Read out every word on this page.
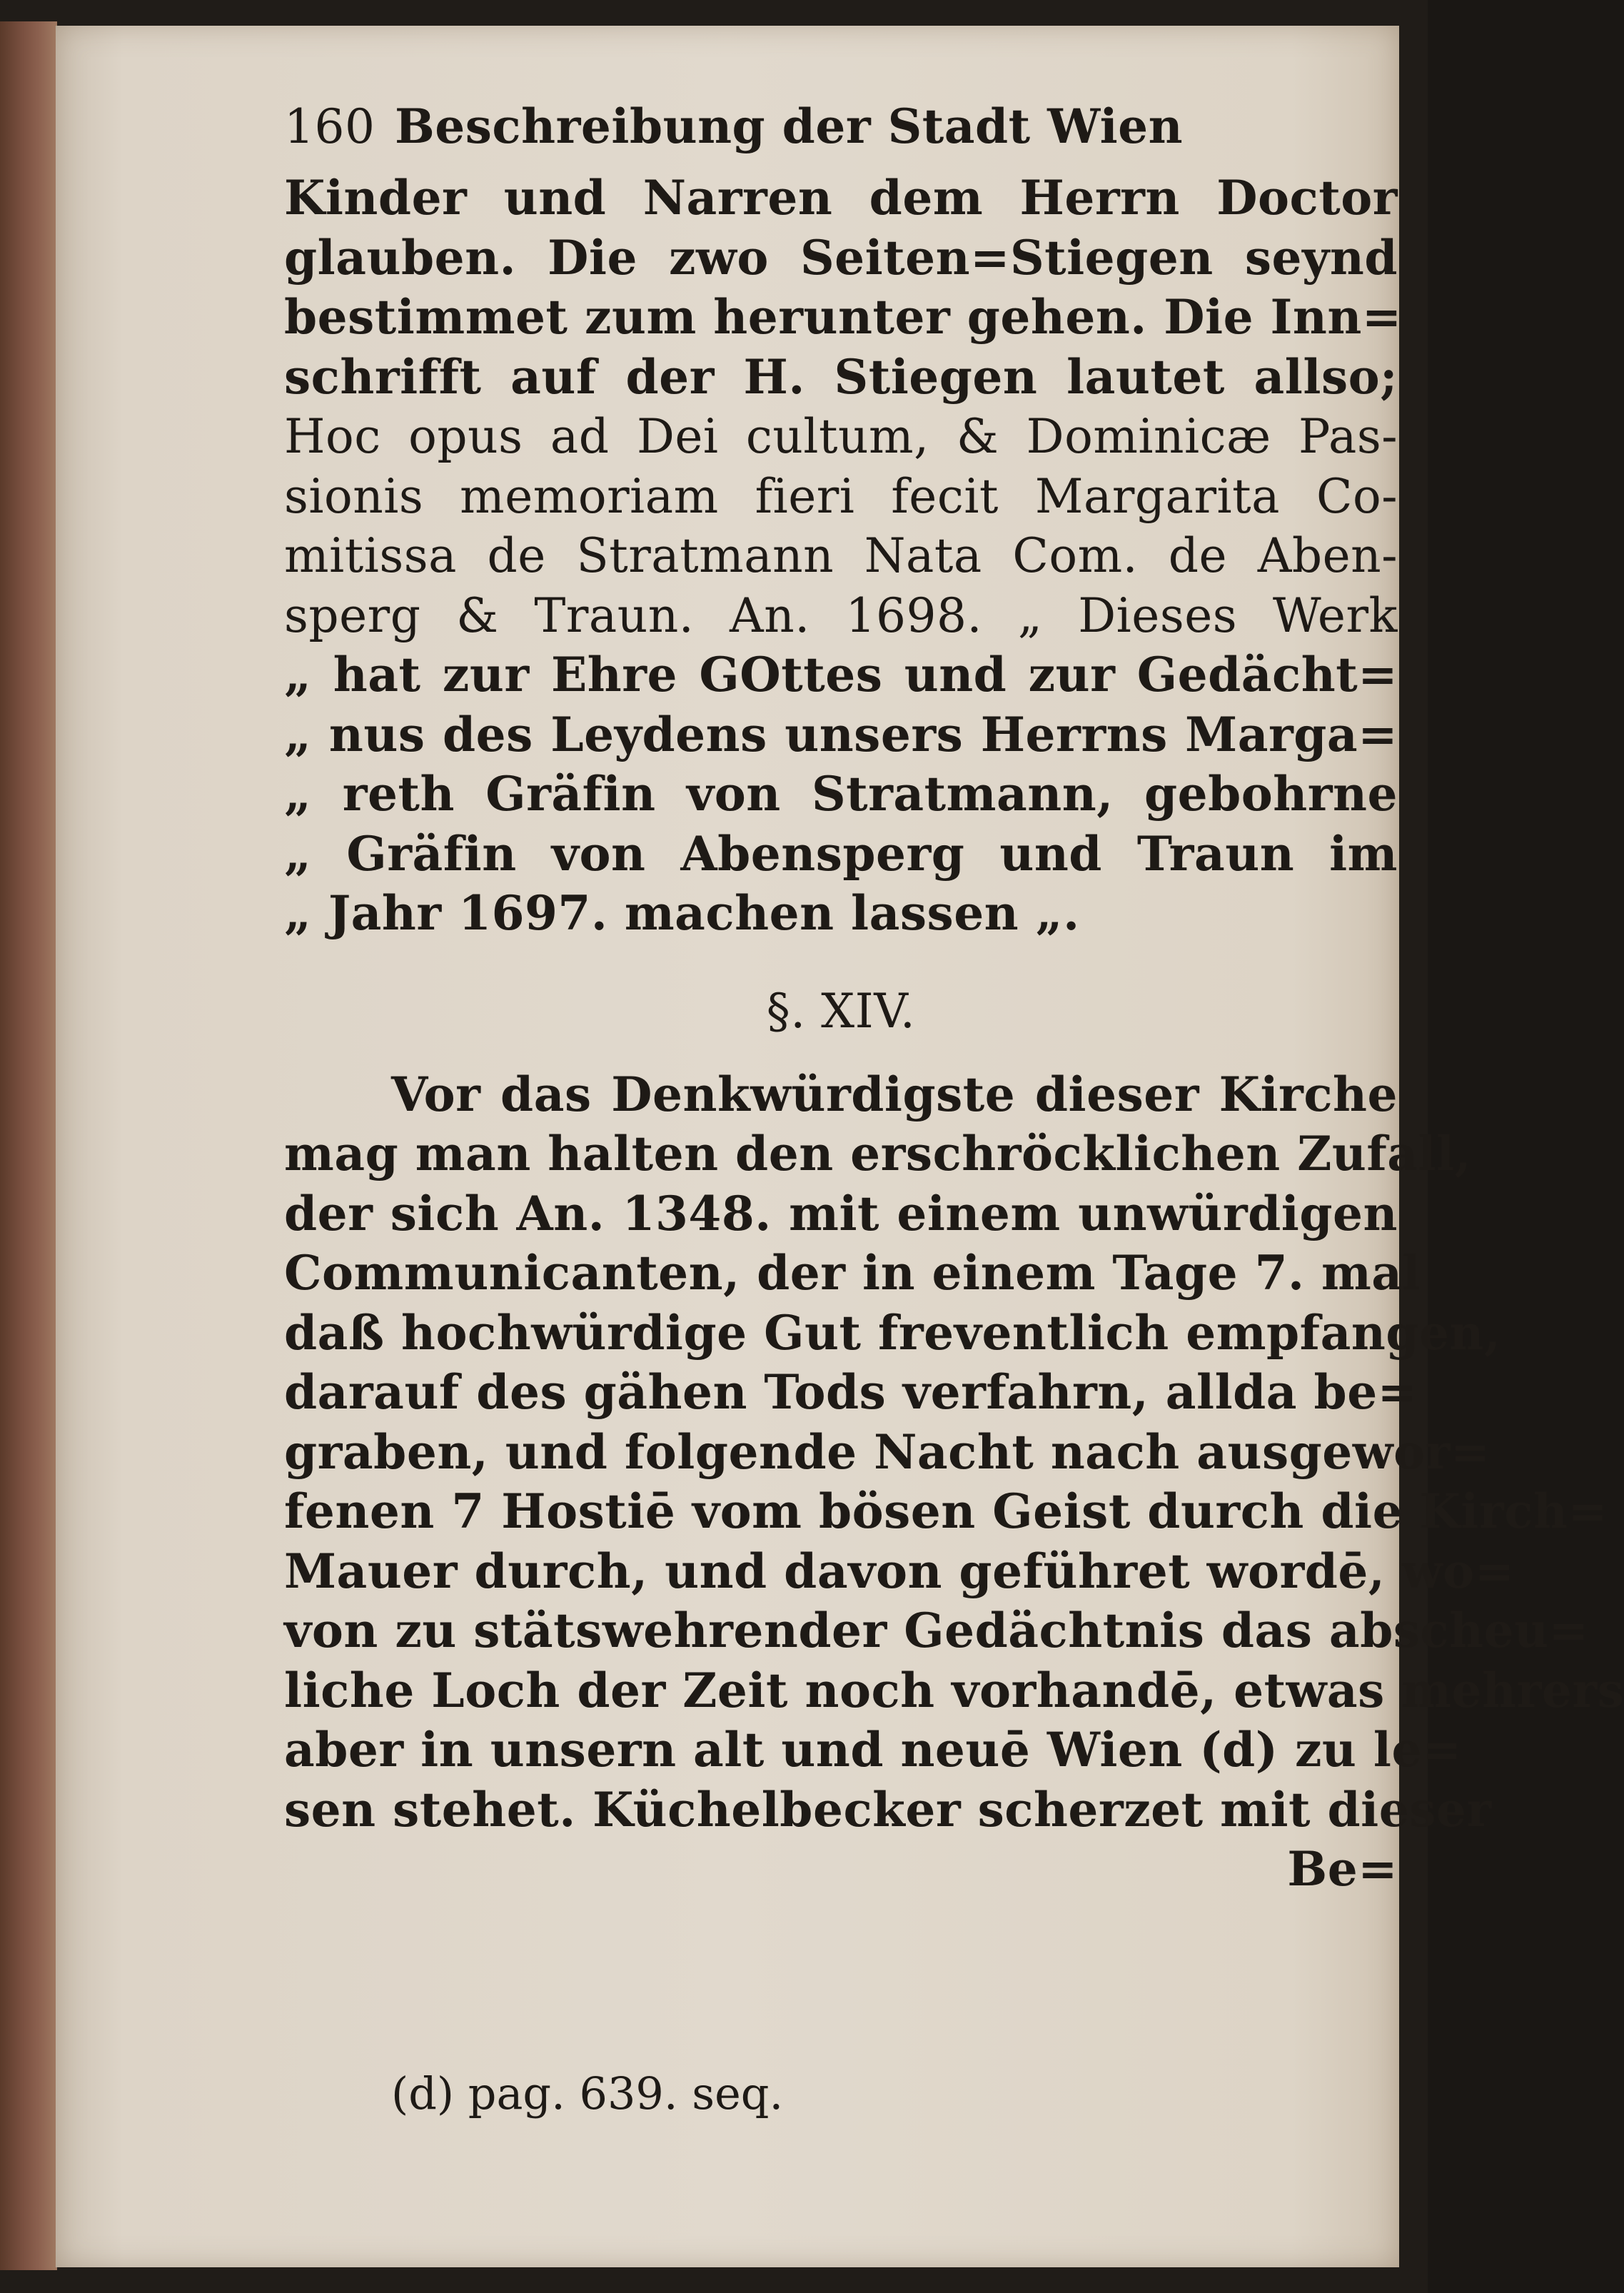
160 Beschreibung der Stadt Wien
Kinder und Narren dem Herrn Doctor
glauben. Die zwo Seiten=Stiegen seynd
bestimmet zum herunter gehen. Die Inn=
schrifft auf der H. Stiegen lautet allso;
Hoc opus ad Dei cultum, & Dominicæ Pas-
sionis memoriam fieri fecit Margarita Co-
mitissa de Stratmann Nata Com. de Aben-
sperg & Traun. An. 1698. „ Dieses Werk
„ hat zur Ehre GOttes und zur Gedächt=
„ nus des Leydens unsers Herrns Marga=
„ reth Gräfin von Stratmann, gebohrne
„ Gräfin von Abensperg und Traun im
„ Jahr 1697. machen lassen „.
§. XIV.
Vor das Denkwürdigste dieser Kirche
mag man halten den erschröcklichen Zufall,
der sich An. 1348. mit einem unwürdigen
Communicanten, der in einem Tage 7. mal
daß hochwürdige Gut freventlich empfangen,
darauf des gähen Tods verfahrn, allda be=
graben, und folgende Nacht nach ausgewor=
fenen 7 Hostiē vom bösen Geist durch die Kirch=
Mauer durch, und davon geführet wordē, wo=
von zu stätswehrender Gedächtnis das abscheu=
liche Loch der Zeit noch vorhandē, etwas mehrers
aber in unsern alt und neuē Wien (d) zu le=
sen stehet. Küchelbecker scherzet mit dieser
Be=
(d) pag. 639. seq.
